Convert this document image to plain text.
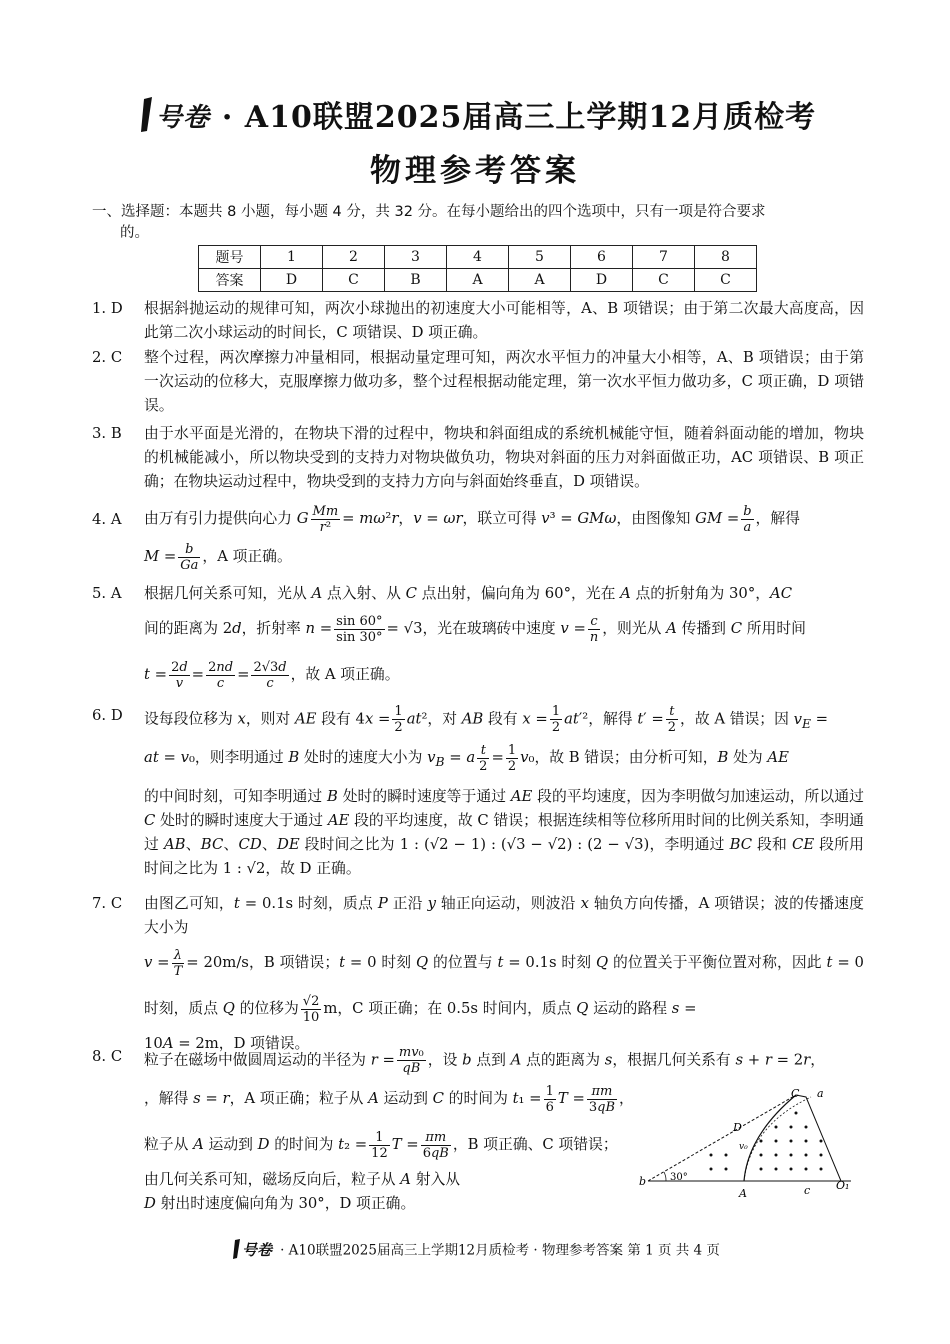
号卷 · A10联盟2025届高三上学期12月质检考
物理参考答案
一、选择题：本题共 8 小题，每小题 4 分，共 32 分。在每小题给出的四个选项中，只有一项是符合要求
的。
题号	1	2	3	4	5	6	7	8
答案	D	C	B	A	A	D	C	C
1. D	根据斜抛运动的规律可知，两次小球抛出的初速度大小可能相等，A、B 项错误；由于第二次最大高度高，因此第二次小球运动的时间长，C 项错误、D 项正确。
2. C	整个过程，两次摩擦力冲量相同，根据动量定理可知，两次水平恒力的冲量大小相等，A、B 项错误；由于第一次运动的位移大，克服摩擦力做功多，整个过程根据动能定理，第一次水平恒力做功多，C 项正确，D 项错误。
3. B	由于水平面是光滑的，在物块下滑的过程中，物块和斜面组成的系统机械能守恒，随着斜面动能的增加，物块的机械能减小，所以物块受到的支持力对物块做负功，物块对斜面的压力对斜面做正功，AC 项错误、B 项正确；在物块运动过程中，物块受到的支持力方向与斜面始终垂直，D 项错误。
4. A	由万有引力提供向心力 G $\frac{Mm}{\text{r²}} = m\omega^2r$，v = ωr，联立可得 v³ = GMω，由图像知 GM = $\frac{b}{a}$ ，解得
$M = \frac{b}{Ga}$ ，A 项正确。
5. A	根据几何关系可知，光从 A 点入射、从 C 点出射，偏向角为 60°，光在 A 点的折射角为 30°，AC
间的距离为 2d，折射率 $n = \frac{\sin 60^\circ}{\sin 30^\circ} = √3$，光在玻璃砖中速度 $v = \frac{c}{n}$ ，则光从 A 传播到 C 所用时间
$t = \frac{2d}{v} = \frac{2nd}{c} = \frac{2√3d}{c}$ ，故 A 项正确。
6. D	设每段位移为 x，则对 AE 段有 $4x = \frac{1}{2} at^2$，对 AB 段有 $x = \frac{1}{2} at'^2$，解得 $t' = \frac{t}{2}$ ，故 A 错误；因 $v_E$ =
at = v₀，则李明通过 B 处时的速度大小为 $v_B = a \frac{t}{2} = \frac{1}{2} v_0$，故 B 错误；由分析可知，B 处为 AE
的中间时刻，可知李明通过 B 处时的瞬时速度等于通过 AE 段的平均速度，因为李明做匀加速运动，所以通过 C 处时的瞬时速度大于通过 AE 段的平均速度，故 C 错误；根据连续相等位移所用时间的比例关系知，李明通过 AB、BC、CD、DE 段时间之比为 1 : (√2 − 1) : (√3 − √2) : (2 − √3)，李明通过 BC 段和 CE 段所用时间之比为 1 : √2，故 D 正确。
7. C	由图乙可知，t = 0.1s 时刻，质点 P 正沿 y 轴正向运动，则波沿 x 轴负方向传播，A 项错误；波的传播速度大小为
$v = \frac{\lambda}{T} = 20m/s$，B 项错误；t = 0 时刻 Q 的位置与 t = 0.1s 时刻 Q 的位置关于平衡位置对称，因此 t = 0 时刻，质点 Q 的位移为 $\frac{√2}{10}$ m，C 项正确；在 0.5s 时间内，质点 Q 运动的路程 s =
10A = 2m，D 项错误。
8. C	粒子在磁场中做圆周运动的半径为 $r = \frac{\text{mv₀}}{qB}$ ，设 b 点到 A 点的距离为 s，根据几何关系有 s + r = 2r，
，解得 s = r，A 项正确；粒子从 A 运动到 C 的时间为 $t_1 = \frac{1}{6}$ $T = \frac{\pi m}{3qB}$ ，
粒子从 A 运动到 D 的时间为 $t_2 = \frac{1}{12}$ $T = \frac{\pi m}{6qB}$ ，B 项正确、C 项错误；
由几何关系可知，磁场反向后，粒子从 A 射入从
D 射出时速度偏向角为 30°，D 项正确。
C a
D
v₀
b 30°
A	c O₁
号卷 · A10联盟2025届高三上学期12月质检考 · 物理参考答案 第 1 页 共 4 页
